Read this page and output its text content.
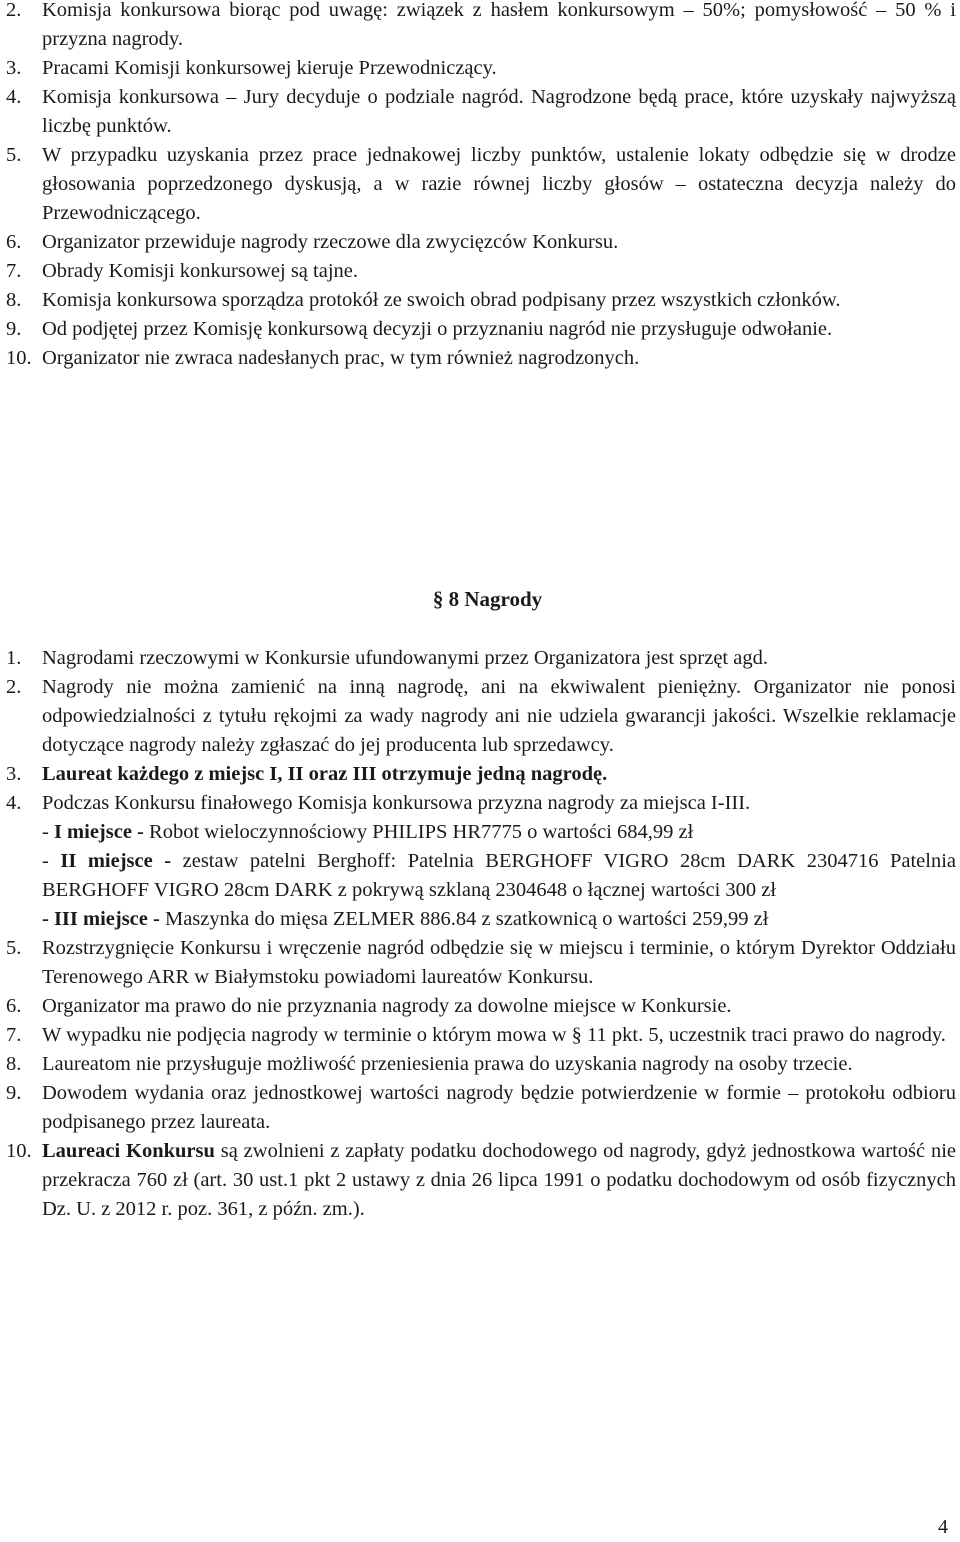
2. Komisja konkursowa biorąc pod uwagę: związek z hasłem konkursowym – 50%; pomysłowość – 50 % i przyzna nagrody.
3. Pracami Komisji konkursowej kieruje Przewodniczący.
4. Komisja konkursowa – Jury decyduje o podziale nagród. Nagrodzone będą prace, które uzyskały najwyższą liczbę punktów.
5. W przypadku uzyskania przez prace jednakowej liczby punktów, ustalenie lokaty odbędzie się w drodze głosowania poprzedzonego dyskusją, a w razie równej liczby głosów – ostateczna decyzja należy do Przewodniczącego.
6. Organizator przewiduje nagrody rzeczowe dla zwycięzców Konkursu.
7. Obrady Komisji konkursowej są tajne.
8. Komisja konkursowa sporządza protokół ze swoich obrad podpisany przez wszystkich członków.
9. Od podjętej przez Komisję konkursową decyzji o przyznaniu nagród nie przysługuje odwołanie.
10. Organizator nie zwraca nadesłanych prac, w tym również nagrodzonych.
§ 8 Nagrody
1. Nagrodami rzeczowymi w Konkursie ufundowanymi przez Organizatora jest sprzęt agd.
2. Nagrody nie można zamienić na inną nagrodę, ani na ekwiwalent pieniężny. Organizator nie ponosi odpowiedzialności z tytułu rękojmi za wady nagrody ani nie udziela gwarancji jakości. Wszelkie reklamacje dotyczące nagrody należy zgłaszać do jej producenta lub sprzedawcy.
3. Laureat każdego z miejsc I, II oraz III otrzymuje jedną nagrodę.
4. Podczas Konkursu finałowego Komisja konkursowa przyzna nagrody za miejsca I-III.
- I miejsce - Robot wieloczynnościowy PHILIPS HR7775 o wartości 684,99 zł
- II miejsce - zestaw patelni Berghoff: Patelnia BERGHOFF VIGRO 28cm DARK 2304716 Patelnia BERGHOFF VIGRO 28cm DARK z pokrywą szklaną 2304648 o łącznej wartości 300 zł
- III miejsce - Maszynka do mięsa ZELMER 886.84 z szatkownicą o wartości 259,99 zł
5. Rozstrzygnięcie Konkursu i wręczenie nagród odbędzie się w miejscu i terminie, o którym Dyrektor Oddziału Terenowego ARR w Białymstoku powiadomi laureatów Konkursu.
6. Organizator ma prawo do nie przyznania nagrody za dowolne miejsce w Konkursie.
7. W wypadku nie podjęcia nagrody w terminie o którym mowa w § 11 pkt. 5, uczestnik traci prawo do nagrody.
8. Laureatom nie przysługuje możliwość przeniesienia prawa do uzyskania nagrody na osoby trzecie.
9. Dowodem wydania oraz jednostkowej wartości nagrody będzie potwierdzenie w formie – protokołu odbioru podpisanego przez laureata.
10. Laureaci Konkursu są zwolnieni z zapłaty podatku dochodowego od nagrody, gdyż jednostkowa wartość nie przekracza 760 zł (art. 30 ust.1 pkt 2 ustawy z dnia 26 lipca 1991 o podatku dochodowym od osób fizycznych Dz. U. z 2012 r. poz. 361, z późn. zm.).
4
